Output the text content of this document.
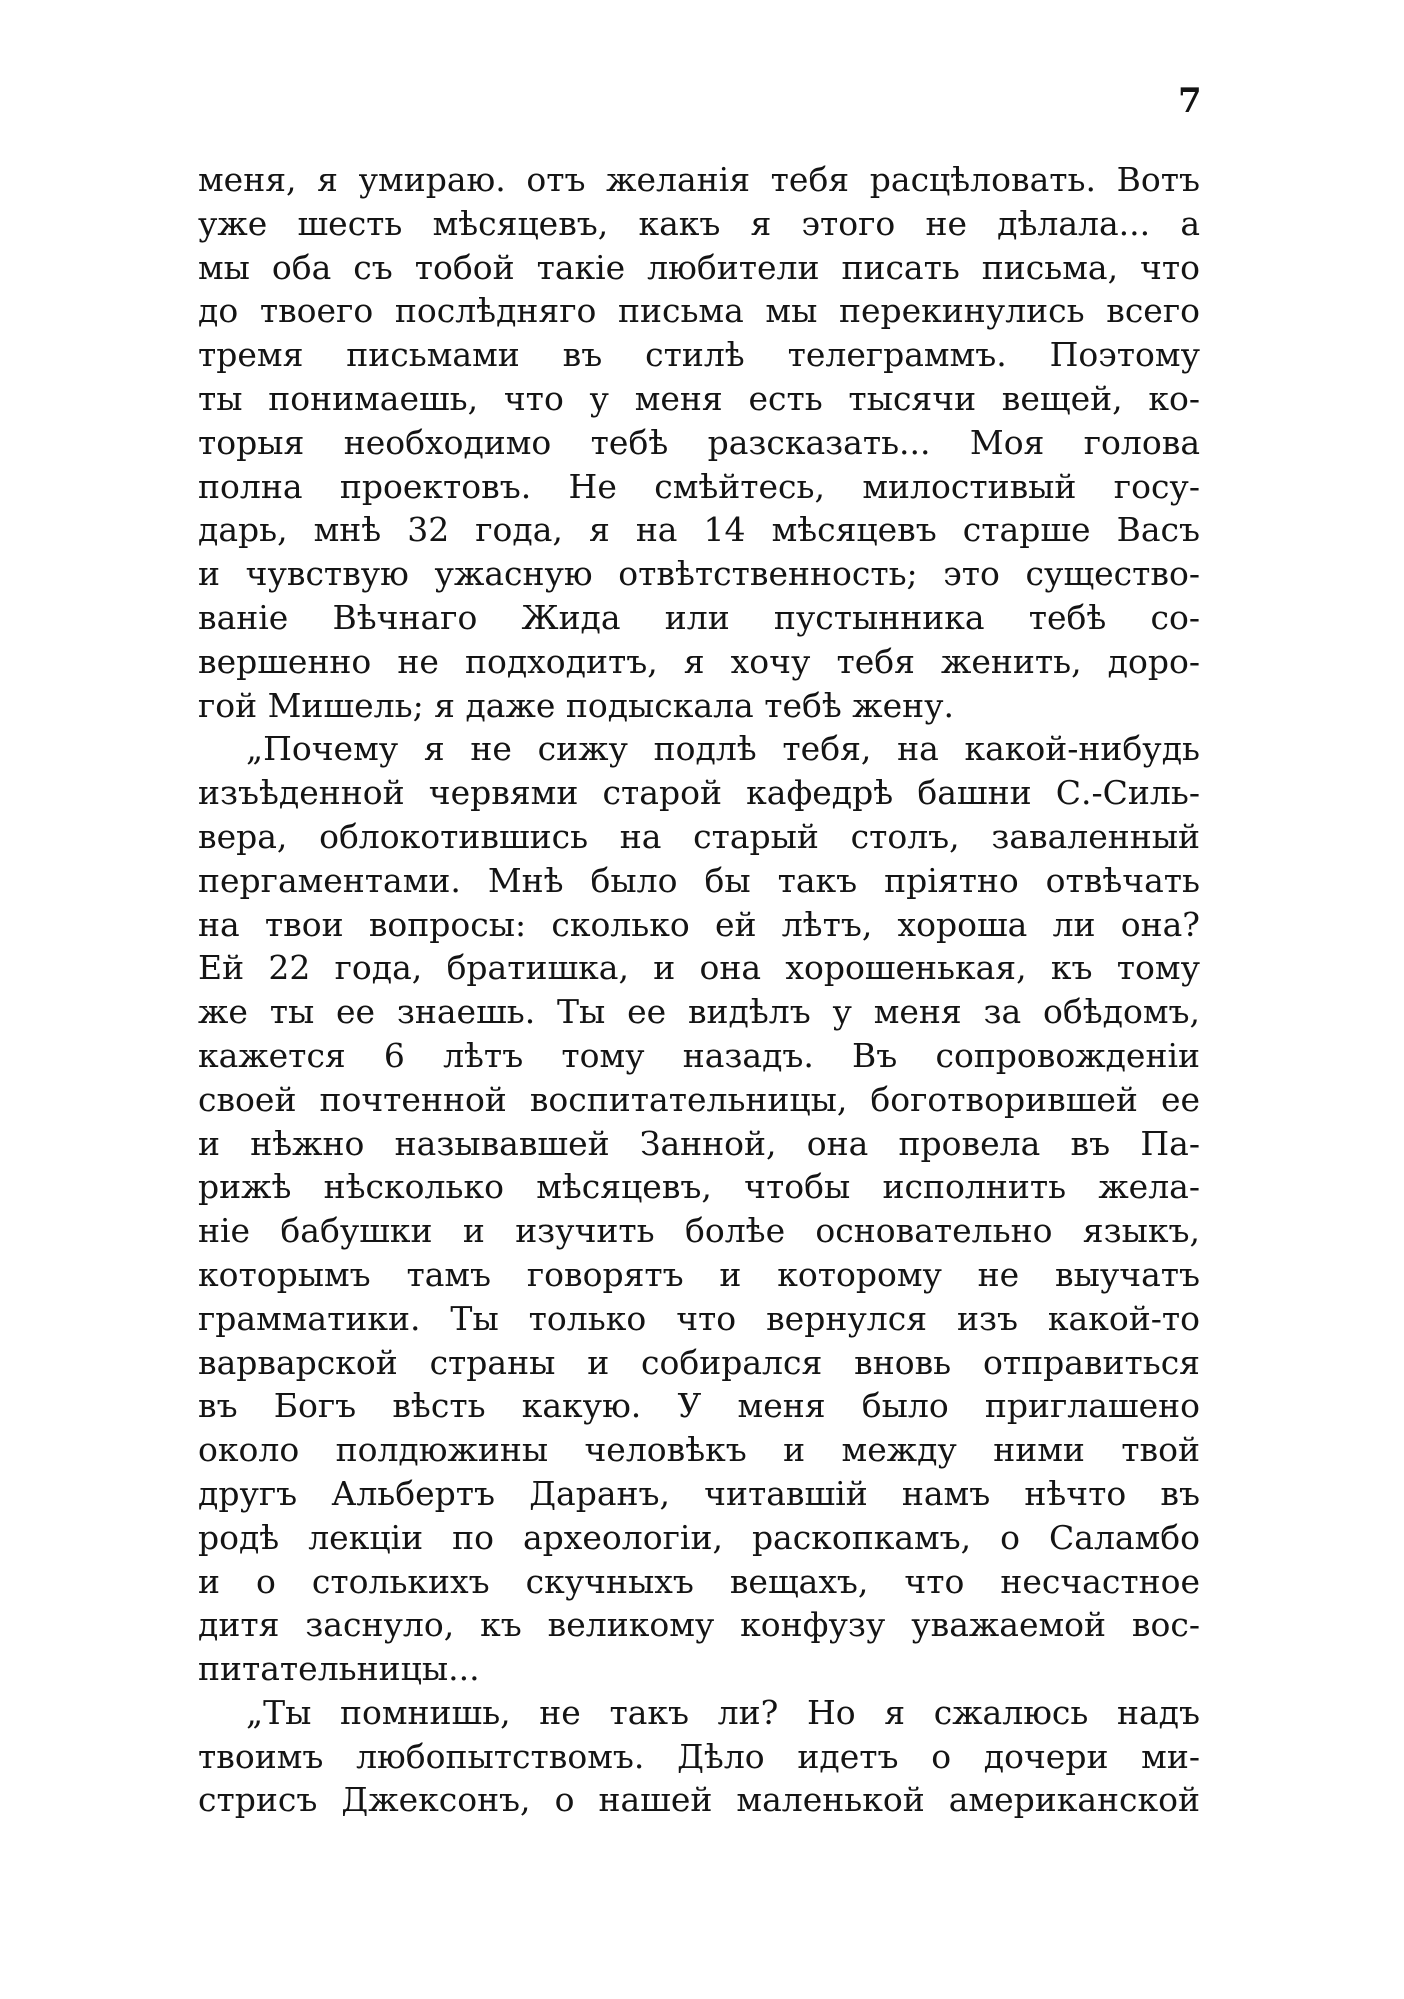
7
меня, я умираю. отъ желанія тебя расцѣловать. Вотъ
уже шесть мѣсяцевъ, какъ я этого не дѣлала... а
мы оба съ тобой такіе любители писать письма, что
до твоего послѣдняго письма мы перекинулись всего
тремя письмами въ стилѣ телеграммъ. Поэтому
ты понимаешь, что у меня есть тысячи вещей, ко-
торыя необходимо тебѣ разсказать... Моя голова
полна проектовъ. Не смѣйтесь, милостивый госу-
дарь, мнѣ 32 года, я на 14 мѣсяцевъ старше Васъ
и чувствую ужасную отвѣтственность; это существо-
ваніе Вѣчнаго Жида или пустынника тебѣ со-
вершенно не подходитъ, я хочу тебя женить, доро-
гой Мишель; я даже подыскала тебѣ жену.
„Почему я не сижу подлѣ тебя, на какой-нибудь
изъѣденной червями старой кафедрѣ башни С.-Силь-
вера, облокотившись на старый столъ, заваленный
пергаментами. Мнѣ было бы такъ пріятно отвѣчать
на твои вопросы: сколько ей лѣтъ, хороша ли она?
Ей 22 года, братишка, и она хорошенькая, къ тому
же ты ее знаешь. Ты ее видѣлъ у меня за обѣдомъ,
кажется 6 лѣтъ тому назадъ. Въ сопровожденіи
своей почтенной воспитательницы, боготворившей ее
и нѣжно называвшей Занной, она провела въ Па-
рижѣ нѣсколько мѣсяцевъ, чтобы исполнить жела-
ніе бабушки и изучить болѣе основательно языкъ,
которымъ тамъ говорятъ и которому не выучатъ
грамматики. Ты только что вернулся изъ какой-то
варварской страны и собирался вновь отправиться
въ Богъ вѣсть какую. У меня было приглашено
около полдюжины человѣкъ и между ними твой
другъ Альбертъ Даранъ, читавшій намъ нѣчто въ
родѣ лекціи по археологіи, раскопкамъ, о Саламбо
и о столькихъ скучныхъ вещахъ, что несчастное
дитя заснуло, къ великому конфузу уважаемой вос-
питательницы...
„Ты помнишь, не такъ ли? Но я сжалюсь надъ
твоимъ любопытствомъ. Дѣло идетъ о дочери ми-
стрисъ Джексонъ, о нашей маленькой американской
